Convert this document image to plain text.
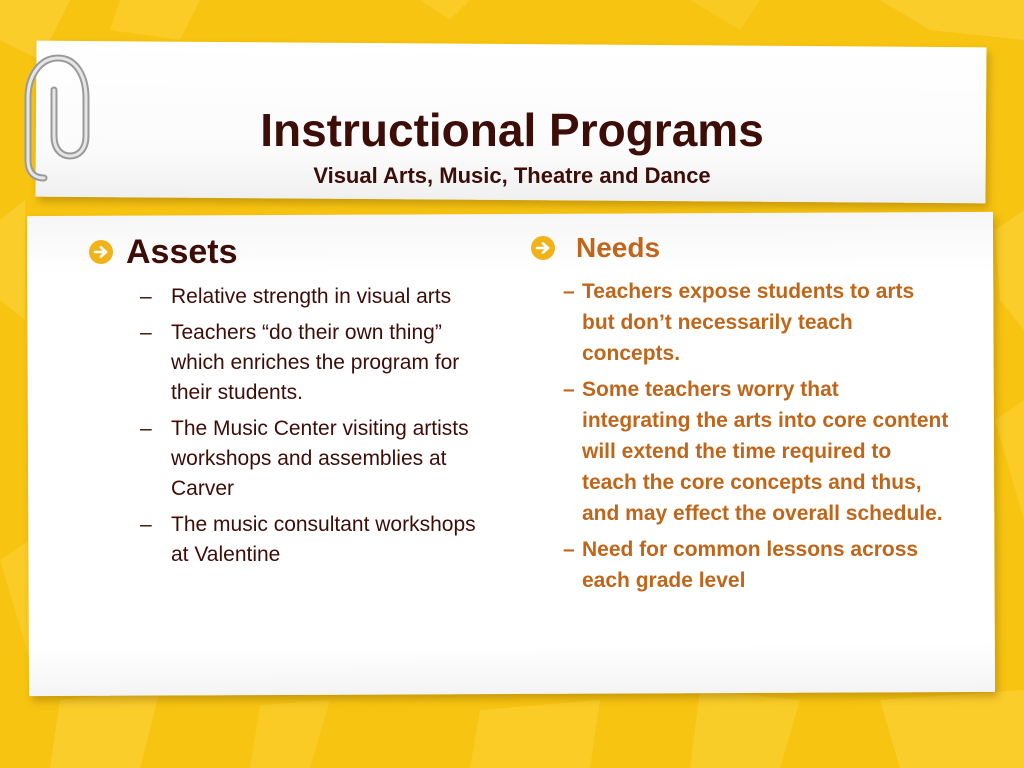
Instructional Programs
Visual Arts, Music, Theatre and Dance
Assets
– Relative strength in visual arts
– Teachers “do their own thing” which enriches the program for their students.
– The Music Center visiting artists workshops and assemblies at Carver
– The music consultant workshops at Valentine
Needs
– Teachers expose students to arts but don’t necessarily teach concepts.
– Some teachers worry that integrating the arts into core content will extend the time required to teach the core concepts and thus, and may effect the overall schedule.
– Need for common lessons across each grade level
